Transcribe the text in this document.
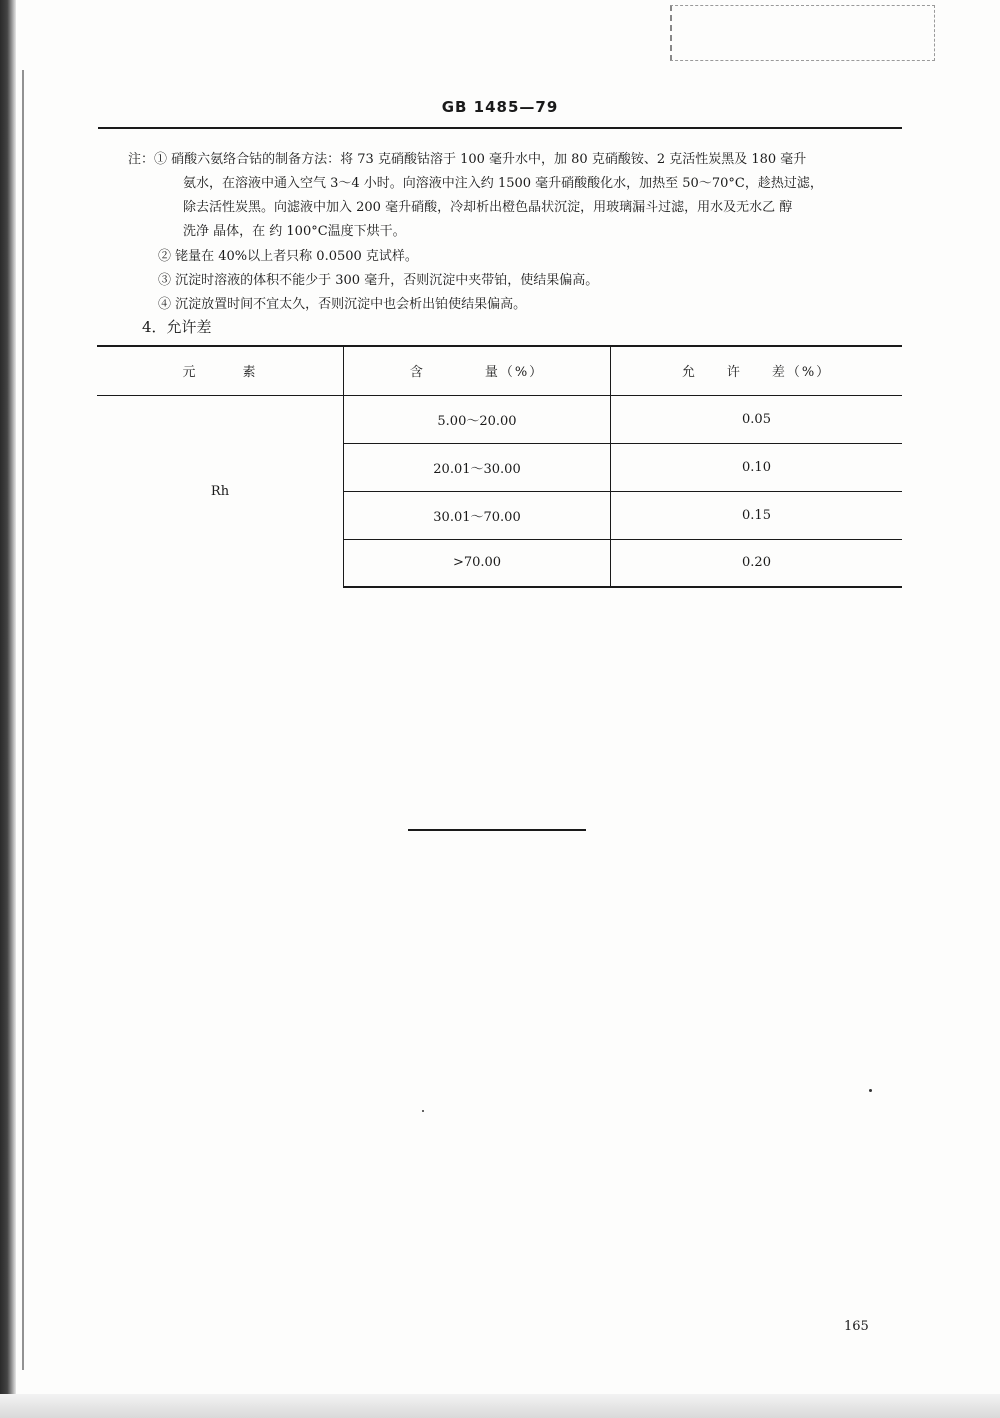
GB 1485—79
注：① 硝酸六氨络合钴的制备方法：将 73 克硝酸钴溶于 100 毫升水中，加 80 克硝酸铵、2 克活性炭黑及 180 毫升
氨水，在溶液中通入空气 3～4 小时。向溶液中注入约 1500 毫升硝酸酸化水，加热至 50～70°C，趁热过滤，
除去活性炭黑。向滤液中加入 200 毫升硝酸，冷却析出橙色晶状沉淀，用玻璃漏斗过滤，用水及无水乙 醇
洗净 晶体，在 约 100°C温度下烘干。
② 铑量在 40%以上者只称 0.0500 克试样。
③ 沉淀时溶液的体积不能少于 300 毫升，否则沉淀中夹带铂，使结果偏高。
④ 沉淀放置时间不宜太久，否则沉淀中也会析出铂使结果偏高。
4．允许差
元　　　素	含　　　　量（%）	允　　许　　差（%）
Rh	5.00～20.00	0.05
	20.01～30.00	0.10
	30.01～70.00	0.15
	>70.00	0.20
165
